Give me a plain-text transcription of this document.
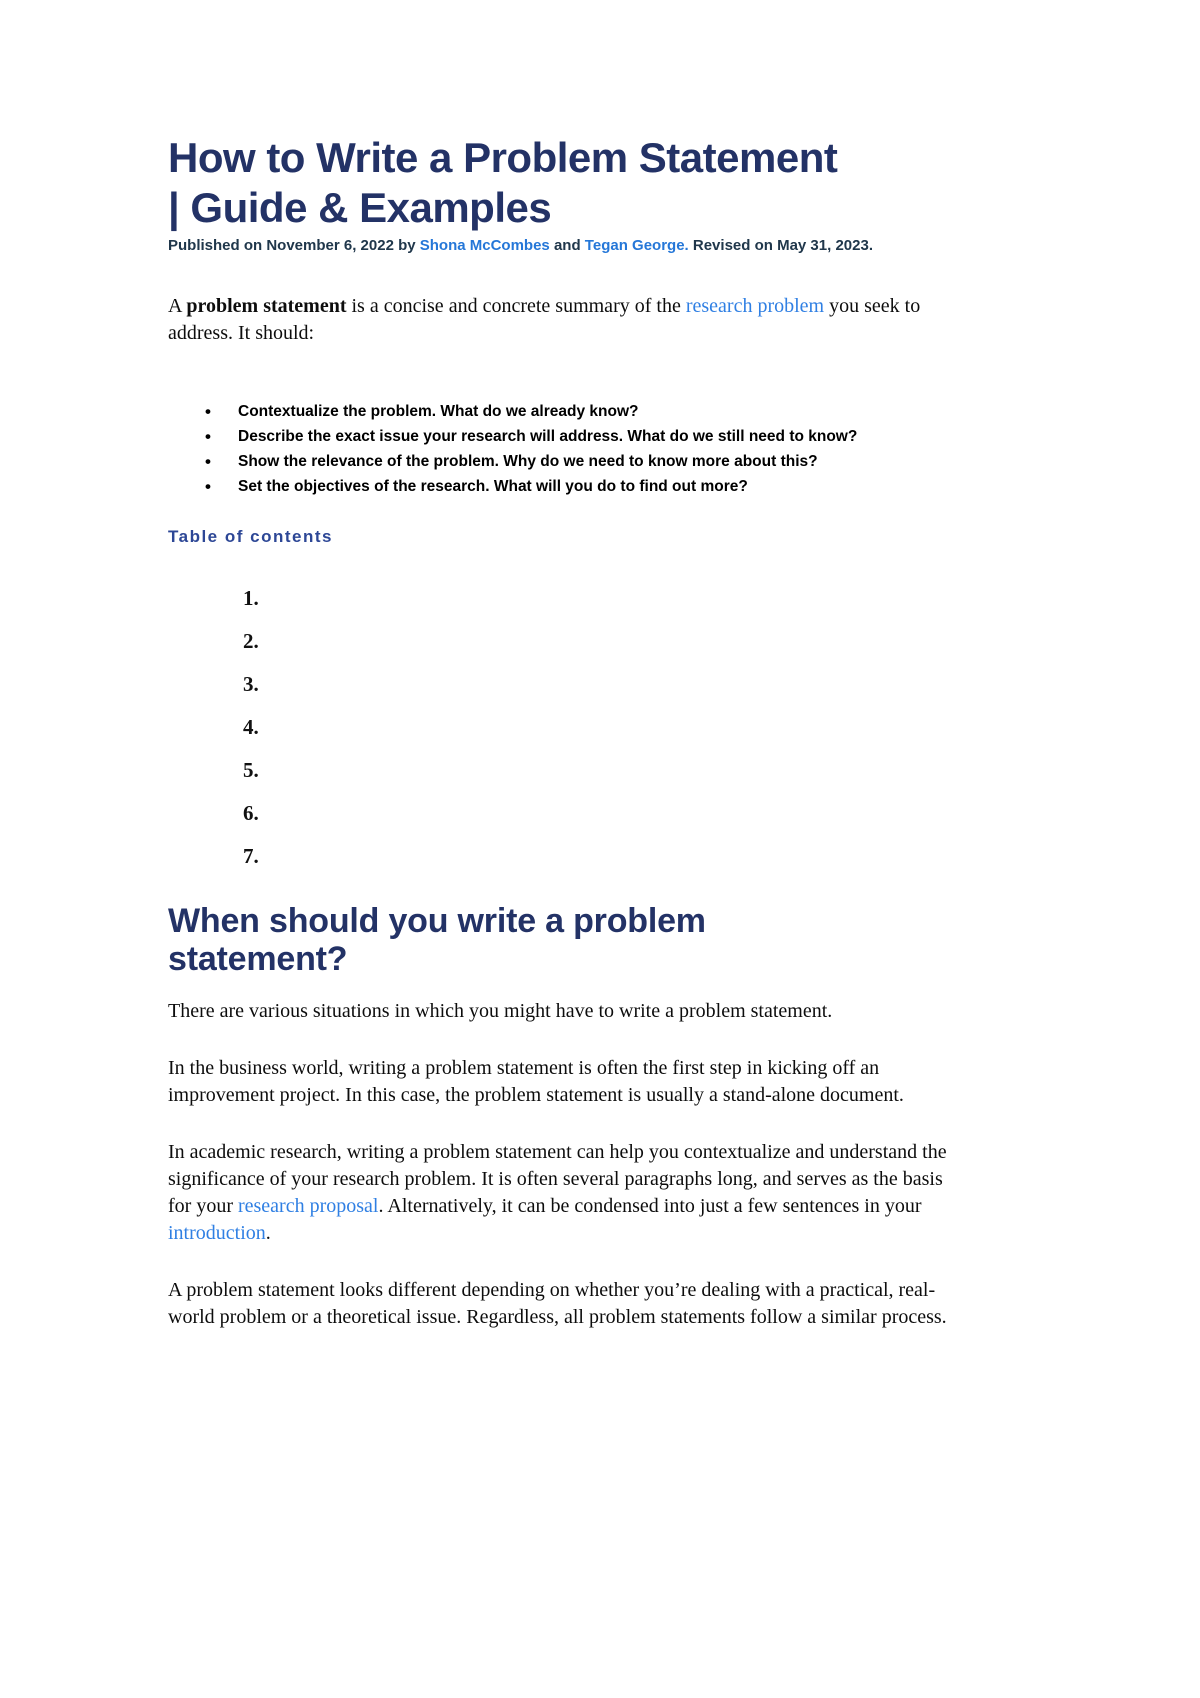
How to Write a Problem Statement
| Guide & Examples
Published on November 6, 2022 by Shona McCombes and Tegan George. Revised on May 31, 2023.

A problem statement is a concise and concrete summary of the research problem you seek to address. It should:

• Contextualize the problem. What do we already know?
• Describe the exact issue your research will address. What do we still need to know?
• Show the relevance of the problem. Why do we need to know more about this?
• Set the objectives of the research. What will you do to find out more?
Table of contents
1.
2.
3.
4.
5.
6.
7.
When should you write a problem statement?

There are various situations in which you might have to write a problem statement.

In the business world, writing a problem statement is often the first step in kicking off an improvement project. In this case, the problem statement is usually a stand-alone document.

In academic research, writing a problem statement can help you contextualize and understand the significance of your research problem. It is often several paragraphs long, and serves as the basis for your research proposal. Alternatively, it can be condensed into just a few sentences in your introduction.

A problem statement looks different depending on whether you’re dealing with a practical, real-world problem or a theoretical issue. Regardless, all problem statements follow a similar process.
